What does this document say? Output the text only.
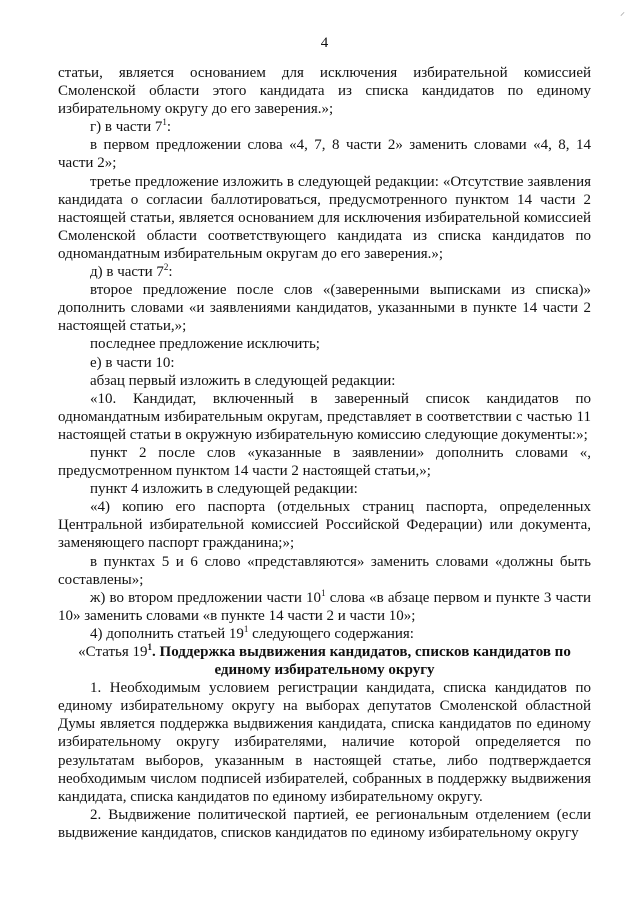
4

статьи, является основанием для исключения избирательной комиссией Смоленской области этого кандидата из списка кандидатов по единому избирательному округу до его заверения.»;

г) в части $7^1$:

в первом предложении слова «4, 7, 8 части 2» заменить словами «4, 8, 14 части 2»;

третье предложение изложить в следующей редакции: «Отсутствие заявления кандидата о согласии баллотироваться, предусмотренного пунктом 14 части 2 настоящей статьи, является основанием для исключения избирательной комиссией Смоленской области соответствующего кандидата из списка кандидатов по одномандатным избирательным округам до его заверения.»;

д) в части $7^2$:

второе предложение после слов «(заверенными выписками из списка)» дополнить словами «и заявлениями кандидатов, указанными в пункте 14 части 2 настоящей статьи,»;

последнее предложение исключить;

е) в части 10:

абзац первый изложить в следующей редакции:

«10. Кандидат, включенный в заверенный список кандидатов по одномандатным избирательным округам, представляет в соответствии с частью 11 настоящей статьи в окружную избирательную комиссию следующие документы:»;

пункт 2 после слов «указанные в заявлении» дополнить словами «, предусмотренном пунктом 14 части 2 настоящей статьи,»;

пункт 4 изложить в следующей редакции:

«4) копию его паспорта (отдельных страниц паспорта, определенных Центральной избирательной комиссией Российской Федерации) или документа, заменяющего паспорт гражданина;»;

в пунктах 5 и 6 слово «представляются» заменить словами «должны быть составлены»;

ж) во втором предложении части $10^1$ слова «в абзаце первом и пункте 3 части 10» заменить словами «в пункте 14 части 2 и части 10»;

4) дополнить статьей $19^1$ следующего содержания:

«Статья $19^1$. Поддержка выдвижения кандидатов, списков кандидатов по единому избирательному округу

1. Необходимым условием регистрации кандидата, списка кандидатов по единому избирательному округу на выборах депутатов Смоленской областной Думы является поддержка выдвижения кандидата, списка кандидатов по единому избирательному округу избирателями, наличие которой определяется по результатам выборов, указанным в настоящей статье, либо подтверждается необходимым числом подписей избирателей, собранных в поддержку выдвижения кандидата, списка кандидатов по единому избирательному округу.

2. Выдвижение политической партией, ее региональным отделением (если выдвижение кандидатов, списков кандидатов по единому избирательному округу

⸝
